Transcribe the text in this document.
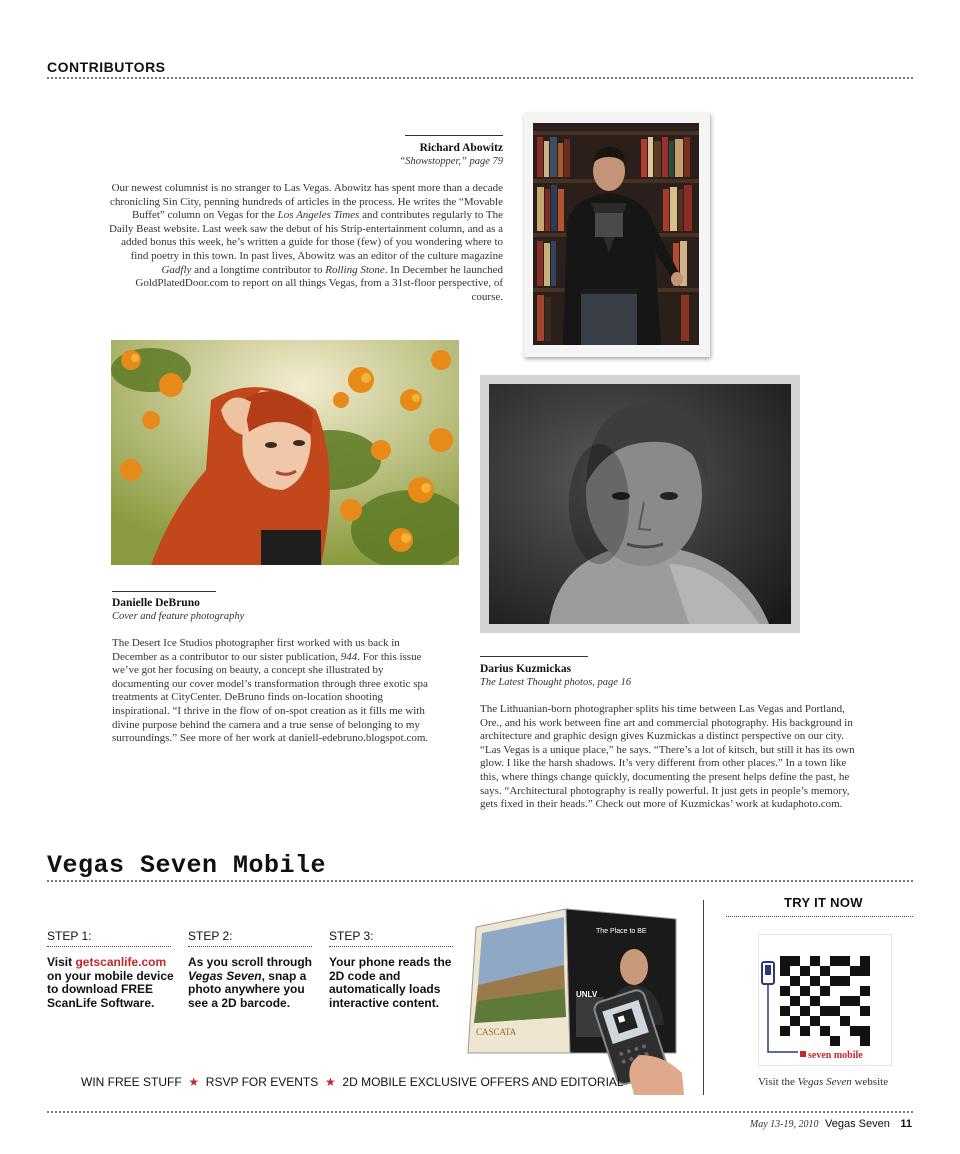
CONTRIBUTORS
Richard Abowitz
“Showstopper,” page 79
Our newest columnist is no stranger to Las Vegas. Abowitz has spent more than a decade chronicling Sin City, penning hundreds of articles in the process. He writes the “Movable Buffet” column on Vegas for the Los Angeles Times and contributes regularly to The Daily Beast website. Last week saw the debut of his Strip-entertainment column, and as a added bonus this week, he’s written a guide for those (few) of you wondering where to find poetry in this town. In past lives, Abowitz was an editor of the culture magazine Gadfly and a longtime contributor to Rolling Stone. In December he launched GoldPlatedDoor.com to report on all things Vegas, from a 31st-floor perspective, of course.
Danielle DeBruno
Cover and feature photography
The Desert Ice Studios photographer first worked with us back in December as a contributor to our sister publication, 944. For this issue we’ve got her focusing on beauty, a concept she illustrated by documenting our cover model’s transformation through three exotic spa treatments at CityCenter. DeBruno finds on-location shooting inspirational. “I thrive in the flow of on-spot creation as it fills me with divine purpose behind the camera and a true sense of belonging to my surroundings.” See more of her work at daniell-edebruno.blogspot.com.
Darius Kuzmickas
The Latest Thought photos, page 16
The Lithuanian-born photographer splits his time between Las Vegas and Portland, Ore., and his work between fine art and commercial photography. His background in architecture and graphic design gives Kuzmickas a distinct perspective on our city. “Las Vegas is a unique place,” he says. “There’s a lot of kitsch, but still it has its own glow. I like the harsh shadows. It’s very different from other places.” In a town like this, where things change quickly, documenting the present helps define the past, he says. “Architectural photography is really powerful. It just gets in people’s memory, gets fixed in their heads.” Check out more of Kuzmickas’ work at kudaphoto.com.
Vegas Seven Mobile
STEP 1:
Visit getscanlife.com on your mobile device to download FREE ScanLife Software.
STEP 2:
As you scroll through Vegas Seven, snap a photo anywhere you see a 2D barcode.
STEP 3:
Your phone reads the 2D code and automatically loads interactive content.
CASCATA
The Place to BE
UNLV
TRY IT NOW
seven mobile
Visit the Vegas Seven website
WIN FREE STUFF  ★  RSVP FOR EVENTS  ★  2D MOBILE EXCLUSIVE OFFERS AND EDITORIAL
May 13-19, 2010 Vegas Seven 11
